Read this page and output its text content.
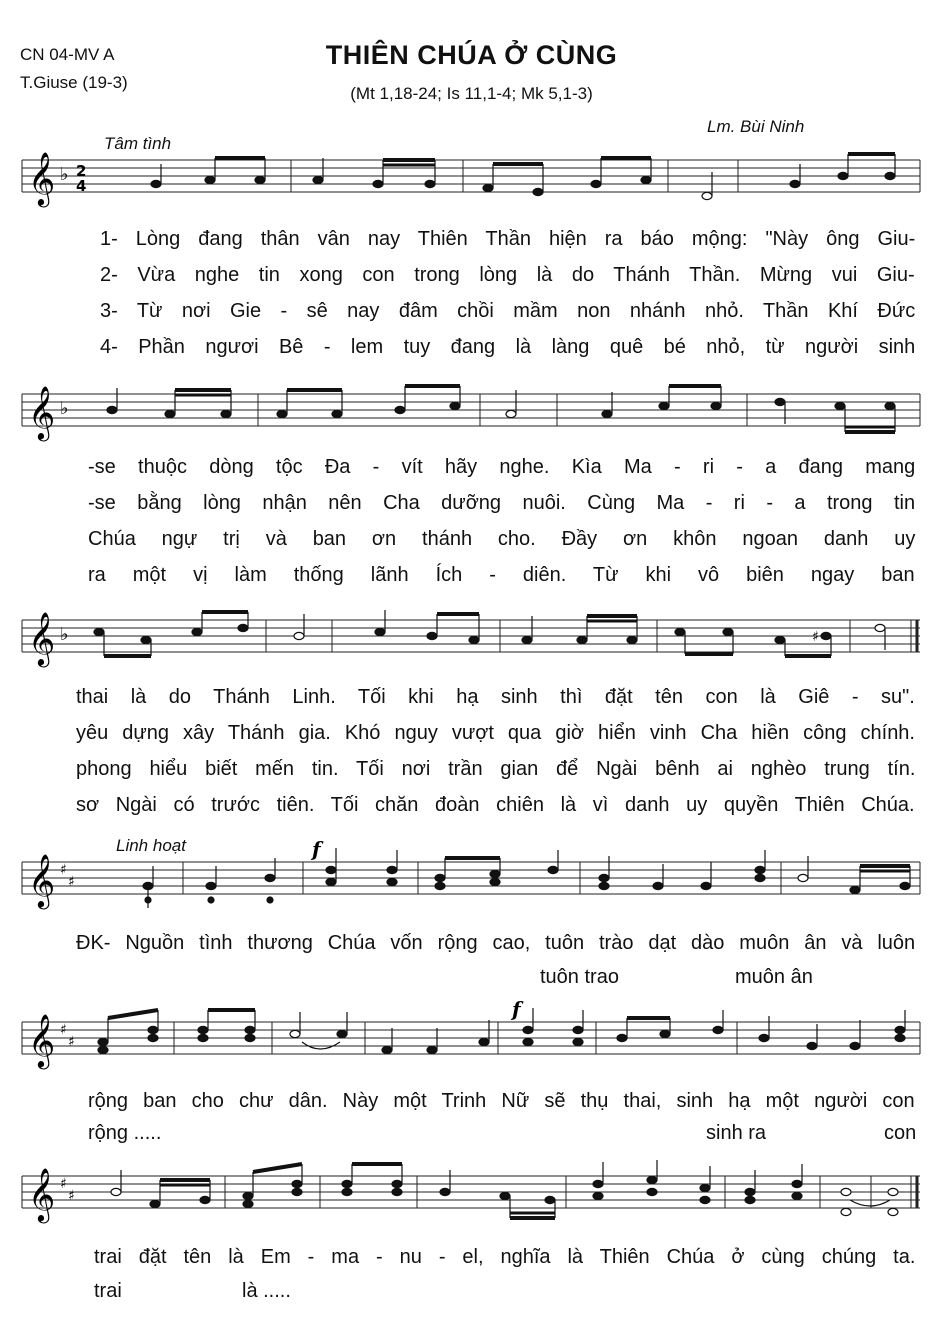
CN 04-MV A
T.Giuse (19-3)
THIÊN CHÚA Ở CÙNG
(Mt 1,18-24; Is 11,1-4; Mk 5,1-3)
Lm. Bùi Ninh
Tâm tình
𝄞 ♭ 2
4
1- Lòng đang thân vân nay Thiên Thần hiện ra báo mộng: "Này ông Giu-
2- Vừa nghe tin xong con trong lòng là do Thánh Thần. Mừng vui Giu-
3- Từ nơi Gie - sê nay đâm chồi mầm non nhánh nhỏ. Thần Khí Đức
4- Phần ngươi Bê - lem tuy đang là làng quê bé nhỏ, từ người sinh
𝄞 ♭
-se thuộc dòng tộc Đa - vít hãy nghe. Kìa Ma - ri - a đang mang
-se bằng lòng nhận nên Cha dưỡng nuôi. Cùng Ma - ri - a trong tin
Chúa ngự trị và ban ơn thánh cho. Đầy ơn khôn ngoan danh uy
ra một vị làm thống lãnh Ích - diên. Từ khi vô biên ngay ban
𝄞 ♭	♯
thai là do Thánh Linh. Tối khi hạ sinh thì đặt tên con là Giê - su".
yêu dựng xây Thánh gia. Khó nguy vượt qua giờ hiển vinh Cha hiền công chính.
phong hiểu biết mến tin. Tối nơi trần gian để Ngài bênh ai nghèo trung tín.
sơ Ngài có trước tiên. Tối chăn đoàn chiên là vì danh uy quyền Thiên Chúa.
Linh hoạt
𝄞 ♯
♯
f
ĐK- Nguồn tình thương Chúa vốn rộng cao, tuôn trào dạt dào muôn ân và luôn
tuôn trao	muôn ân
𝄞 ♯
♯
f
rộng ban cho chư dân. Này một Trinh Nữ sẽ thụ thai, sinh hạ một người con
rộng .....	sinh ra	con
𝄞 ♯
♯
trai đặt tên là Em - ma - nu - el, nghĩa là Thiên Chúa ở cùng chúng ta.
trai	là .....
